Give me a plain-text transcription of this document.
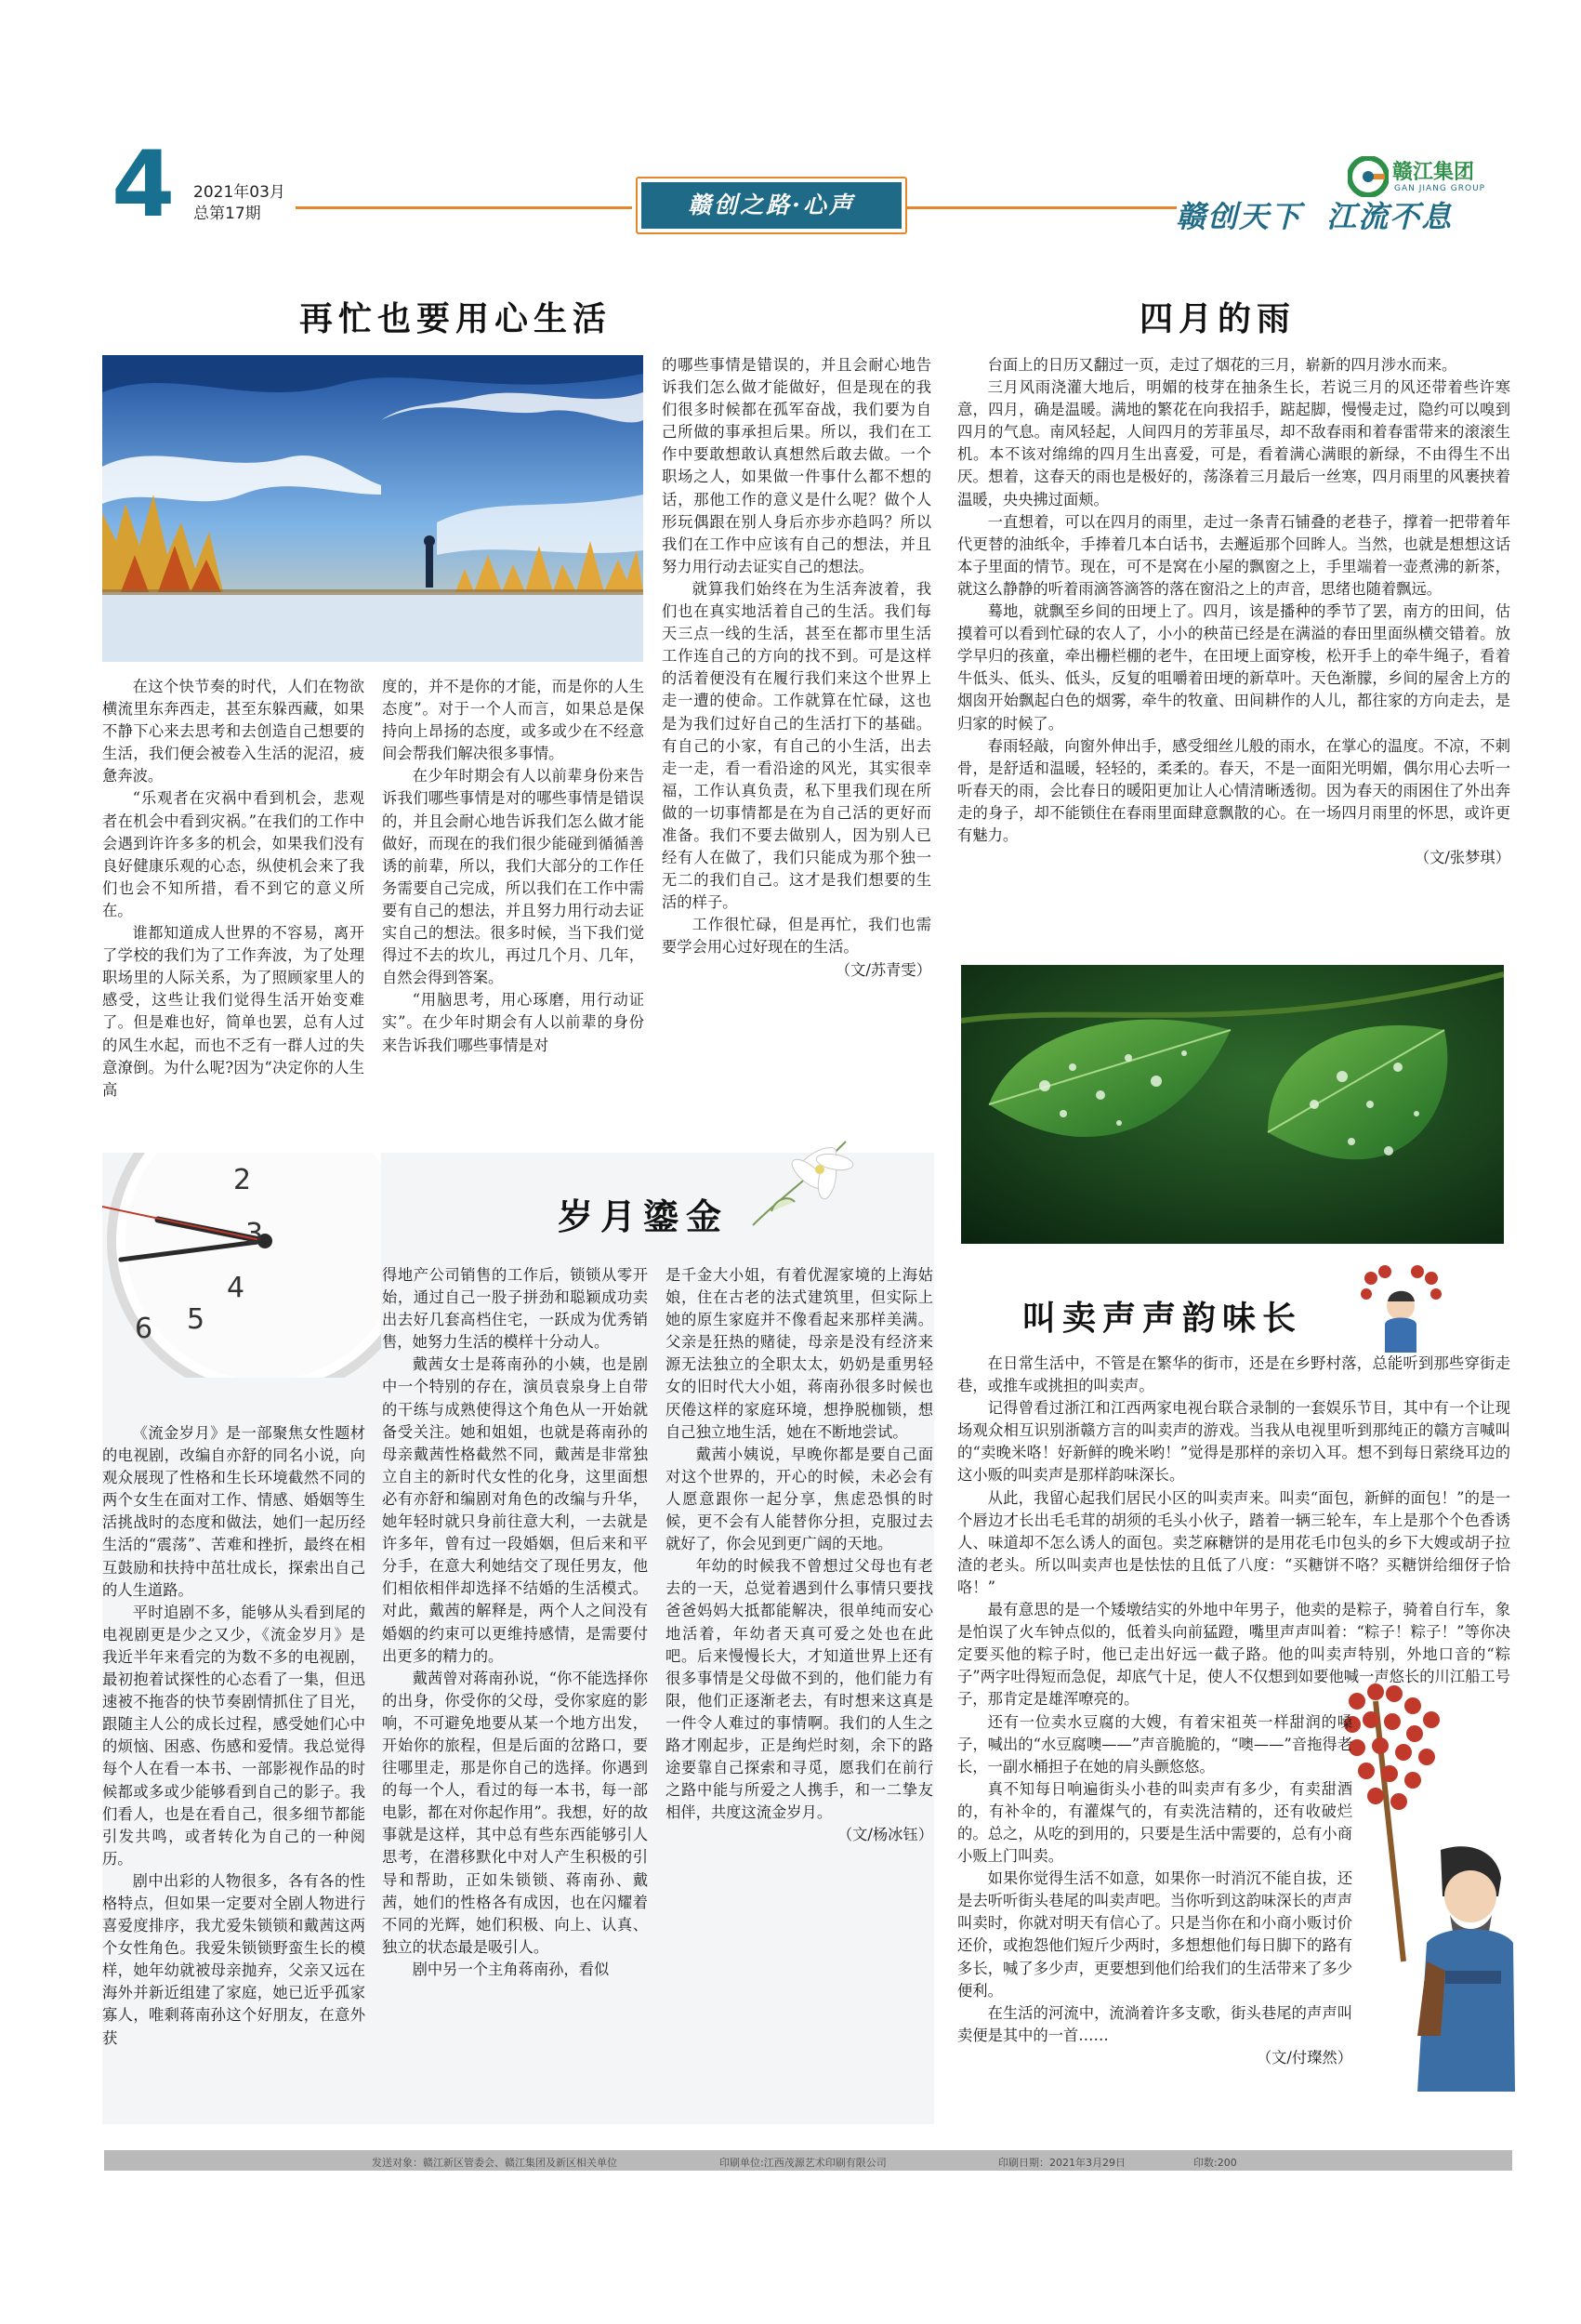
4 2021年03月
总第17期	赣创之路·心声	赣创天下  江流不息
赣江集团
GAN JIANG GROUP
再忙也要用心生活

在这个快节奏的时代，人们在物欲横流里东奔西走，甚至东躲西藏，如果不静下心来去思考和去创造自己想要的生活，我们便会被卷入生活的泥沼，疲惫奔波。

“乐观者在灾祸中看到机会，悲观者在机会中看到灾祸。”在我们的工作中会遇到许许多多的机会，如果我们没有良好健康乐观的心态，纵使机会来了我们也会不知所措，看不到它的意义所在。

谁都知道成人世界的不容易，离开了学校的我们为了工作奔波，为了处理职场里的人际关系，为了照顾家里人的感受，这些让我们觉得生活开始变难了。但是难也好，简单也罢，总有人过的风生水起，而也不乏有一群人过的失意潦倒。为什么呢?因为“决定你的人生高

度的，并不是你的才能，而是你的人生态度”。对于一个人而言，如果总是保持向上昂扬的态度，或多或少在不经意间会帮我们解决很多事情。

在少年时期会有人以前辈身份来告诉我们哪些事情是对的哪些事情是错误的，并且会耐心地告诉我们怎么做才能做好，而现在的我们很少能碰到循循善诱的前辈，所以，我们大部分的工作任务需要自己完成，所以我们在工作中需要有自己的想法，并且努力用行动去证实自己的想法。很多时候，当下我们觉得过不去的坎儿，再过几个月、几年，自然会得到答案。

“用脑思考，用心琢磨，用行动证实”。在少年时期会有人以前辈的身份来告诉我们哪些事情是对

的哪些事情是错误的，并且会耐心地告诉我们怎么做才能做好，但是现在的我们很多时候都在孤军奋战，我们要为自己所做的事承担后果。所以，我们在工作中要敢想敢认真想然后敢去做。一个职场之人，如果做一件事什么都不想的话，那他工作的意义是什么呢？做个人形玩偶跟在别人身后亦步亦趋吗？所以我们在工作中应该有自己的想法，并且努力用行动去证实自己的想法。

就算我们始终在为生活奔波着，我们也在真实地活着自己的生活。我们每天三点一线的生活，甚至在都市里生活工作连自己的方向的找不到。可是这样的活着便没有在履行我们来这个世界上走一遭的使命。工作就算在忙碌，这也是为我们过好自己的生活打下的基础。有自己的小家，有自己的小生活，出去走一走，看一看沿途的风光，其实很幸福，工作认真负责，私下里我们现在所做的一切事情都是在为自己活的更好而准备。我们不要去做别人，因为别人已经有人在做了，我们只能成为那个独一无二的我们自己。这才是我们想要的生活的样子。

工作很忙碌，但是再忙，我们也需要学会用心过好现在的生活。

（文/苏青雯）
四月的雨

台面上的日历又翻过一页，走过了烟花的三月，崭新的四月涉水而来。

三月风雨浇灌大地后，明媚的枝芽在抽条生长，若说三月的风还带着些许寒意，四月，确是温暖。满地的繁花在向我招手，踮起脚，慢慢走过，隐约可以嗅到四月的气息。南风轻起，人间四月的芳菲虽尽，却不敌春雨和着春雷带来的滚滚生机。本不该对绵绵的四月生出喜爱，可是，看着满心满眼的新绿，不由得生不出厌。想着，这春天的雨也是极好的，荡涤着三月最后一丝寒，四月雨里的风裹挟着温暖，央央拂过面颊。

一直想着，可以在四月的雨里，走过一条青石铺叠的老巷子，撑着一把带着年代更替的油纸伞，手捧着几本白话书，去邂逅那个回眸人。当然，也就是想想这话本子里面的情节。现在，可不是窝在小屋的飘窗之上，手里端着一壶煮沸的新茶，就这么静静的听着雨滴答滴答的落在窗沿之上的声音，思绪也随着飘远。

蓦地，就飘至乡间的田埂上了。四月，该是播种的季节了罢，南方的田间，估摸着可以看到忙碌的农人了，小小的秧苗已经是在满溢的春田里面纵横交错着。放学早归的孩童，牵出栅栏棚的老牛，在田埂上面穿梭，松开手上的牵牛绳子，看着牛低头、低头、低头，反复的咀嚼着田埂的新草叶。天色渐朦，乡间的屋舍上方的烟囱开始飘起白色的烟雾，牵牛的牧童、田间耕作的人儿，都往家的方向走去，是归家的时候了。

春雨轻敲，向窗外伸出手，感受细丝儿般的雨水，在掌心的温度。不凉，不刺骨，是舒适和温暖，轻轻的，柔柔的。春天，不是一面阳光明媚，偶尔用心去听一听春天的雨，会比春日的暖阳更加让人心情清晰透彻。因为春天的雨困住了外出奔走的身子，却不能锁住在春雨里面肆意飘散的心。在一场四月雨里的怀思，或许更有魅力。

（文/张梦琪）
2
3
4
5
6
岁月鎏金

《流金岁月》是一部聚焦女性题材的电视剧，改编自亦舒的同名小说，向观众展现了性格和生长环境截然不同的两个女生在面对工作、情感、婚姻等生活挑战时的态度和做法，她们一起历经生活的“震荡”、苦难和挫折，最终在相互鼓励和扶持中茁壮成长，探索出自己的人生道路。

平时追剧不多，能够从头看到尾的电视剧更是少之又少，《流金岁月》是我近半年来看完的为数不多的电视剧，最初抱着试探性的心态看了一集，但迅速被不拖沓的快节奏剧情抓住了目光，跟随主人公的成长过程，感受她们心中的烦恼、困惑、伤感和爱情。我总觉得每个人在看一本书、一部影视作品的时候都或多或少能够看到自己的影子。我们看人，也是在看自己，很多细节都能引发共鸣，或者转化为自己的一种阅历。

剧中出彩的人物很多，各有各的性格特点，但如果一定要对全剧人物进行喜爱度排序，我尤爱朱锁锁和戴茜这两个女性角色。我爱朱锁锁野蛮生长的模样，她年幼就被母亲抛弃，父亲又远在海外并新近组建了家庭，她已近乎孤家寡人，唯剩蒋南孙这个好朋友，在意外获

得地产公司销售的工作后，锁锁从零开始，通过自己一股子拼劲和聪颖成功卖出去好几套高档住宅，一跃成为优秀销售，她努力生活的模样十分动人。

戴茜女士是蒋南孙的小姨，也是剧中一个特别的存在，演员袁泉身上自带的干练与成熟使得这个角色从一开始就备受关注。她和姐姐，也就是蒋南孙的母亲戴茜性格截然不同，戴茜是非常独立自主的新时代女性的化身，这里面想必有亦舒和编剧对角色的改编与升华，她年轻时就只身前往意大利，一去就是许多年，曾有过一段婚姻，但后来和平分手，在意大利她结交了现任男友，他们相依相伴却选择不结婚的生活模式。对此，戴茜的解释是，两个人之间没有婚姻的约束可以更维持感情，是需要付出更多的精力的。

戴茜曾对蒋南孙说，“你不能选择你的出身，你受你的父母，受你家庭的影响，不可避免地要从某一个地方出发，开始你的旅程，但是后面的岔路口，要往哪里走，那是你自己的选择。你遇到的每一个人，看过的每一本书，每一部电影，都在对你起作用”。我想，好的故事就是这样，其中总有些东西能够引人思考，在潜移默化中对人产生积极的引导和帮助，正如朱锁锁、蒋南孙、戴茜，她们的性格各有成因，也在闪耀着不同的光辉，她们积极、向上、认真、独立的状态最是吸引人。

剧中另一个主角蒋南孙，看似

是千金大小姐，有着优渥家境的上海姑娘，住在古老的法式建筑里，但实际上她的原生家庭并不像看起来那样美满。父亲是狂热的赌徒，母亲是没有经济来源无法独立的全职太太，奶奶是重男轻女的旧时代大小姐，蒋南孙很多时候也厌倦这样的家庭环境，想挣脱枷锁，想自己独立地生活，她在不断地尝试。

戴茜小姨说，早晚你都是要自己面对这个世界的，开心的时候，未必会有人愿意跟你一起分享，焦虑恐惧的时候，更不会有人能替你分担，克服过去就好了，你会见到更广阔的天地。

年幼的时候我不曾想过父母也有老去的一天，总觉着遇到什么事情只要找爸爸妈妈大抵都能解决，很单纯而安心地活着，年幼者天真可爱之处也在此吧。后来慢慢长大，才知道世界上还有很多事情是父母做不到的，他们能力有限，他们正逐渐老去，有时想来这真是一件令人难过的事情啊。我们的人生之路才刚起步，正是绚烂时刻，余下的路途要靠自己探索和寻觅，愿我们在前行之路中能与所爱之人携手，和一二挚友相伴，共度这流金岁月。

（文/杨冰钰）
叫卖声声韵味长

在日常生活中，不管是在繁华的街市，还是在乡野村落，总能听到那些穿街走巷，或推车或挑担的叫卖声。

记得曾看过浙江和江西两家电视台联合录制的一套娱乐节目，其中有一个让现场观众相互识别浙赣方言的叫卖声的游戏。当我从电视里听到那纯正的赣方言喊叫的“卖晚米咯！好新鲜的晚米哟！”觉得是那样的亲切入耳。想不到每日萦绕耳边的这小贩的叫卖声是那样韵味深长。

从此，我留心起我们居民小区的叫卖声来。叫卖“面包，新鲜的面包！”的是一个唇边才长出毛毛茸的胡须的毛头小伙子，踏着一辆三轮车，车上是那个个色香诱人、味道却不怎么诱人的面包。卖芝麻糖饼的是用花毛巾包头的乡下大嫂或胡子拉渣的老头。所以叫卖声也是怯怯的且低了八度：“买糖饼不咯？买糖饼给细伢子恰咯！”

最有意思的是一个矮墩结实的外地中年男子，他卖的是粽子，骑着自行车，象是怕误了火车钟点似的，低着头向前猛蹬，嘴里声声叫着：“粽子！粽子！”等你决定要买他的粽子时，他已走出好远一截子路。他的叫卖声特别，外地口音的“粽子”两字吐得短而急促，却底气十足，使人不仅想到如要他喊一声悠长的川江船工号子，那肯定是雄浑嘹亮的。

还有一位卖水豆腐的大嫂，有着宋祖英一样甜润的嗓子，喊出的“水豆腐噢——”声音脆脆的，“噢——”音拖得老长，一副水桶担子在她的肩头颤悠悠。

真不知每日响遍街头小巷的叫卖声有多少，有卖甜酒的，有补伞的，有灌煤气的，有卖洗洁精的，还有收破烂的。总之，从吃的到用的，只要是生活中需要的，总有小商小贩上门叫卖。

如果你觉得生活不如意，如果你一时消沉不能自拔，还是去听听街头巷尾的叫卖声吧。当你听到这韵味深长的声声叫卖时，你就对明天有信心了。只是当你在和小商小贩讨价还价，或抱怨他们短斤少两时，多想想他们每日脚下的路有多长，喊了多少声，更要想到他们给我们的生活带来了多少便利。

在生活的河流中，流淌着许多支歌，街头巷尾的声声叫卖便是其中的一首……

（文/付璨然）
发送对象：赣江新区管委会、赣江集团及新区相关单位	印刷单位:江西茂源艺术印刷有限公司	印刷日期：2021年3月29日	印数:200
